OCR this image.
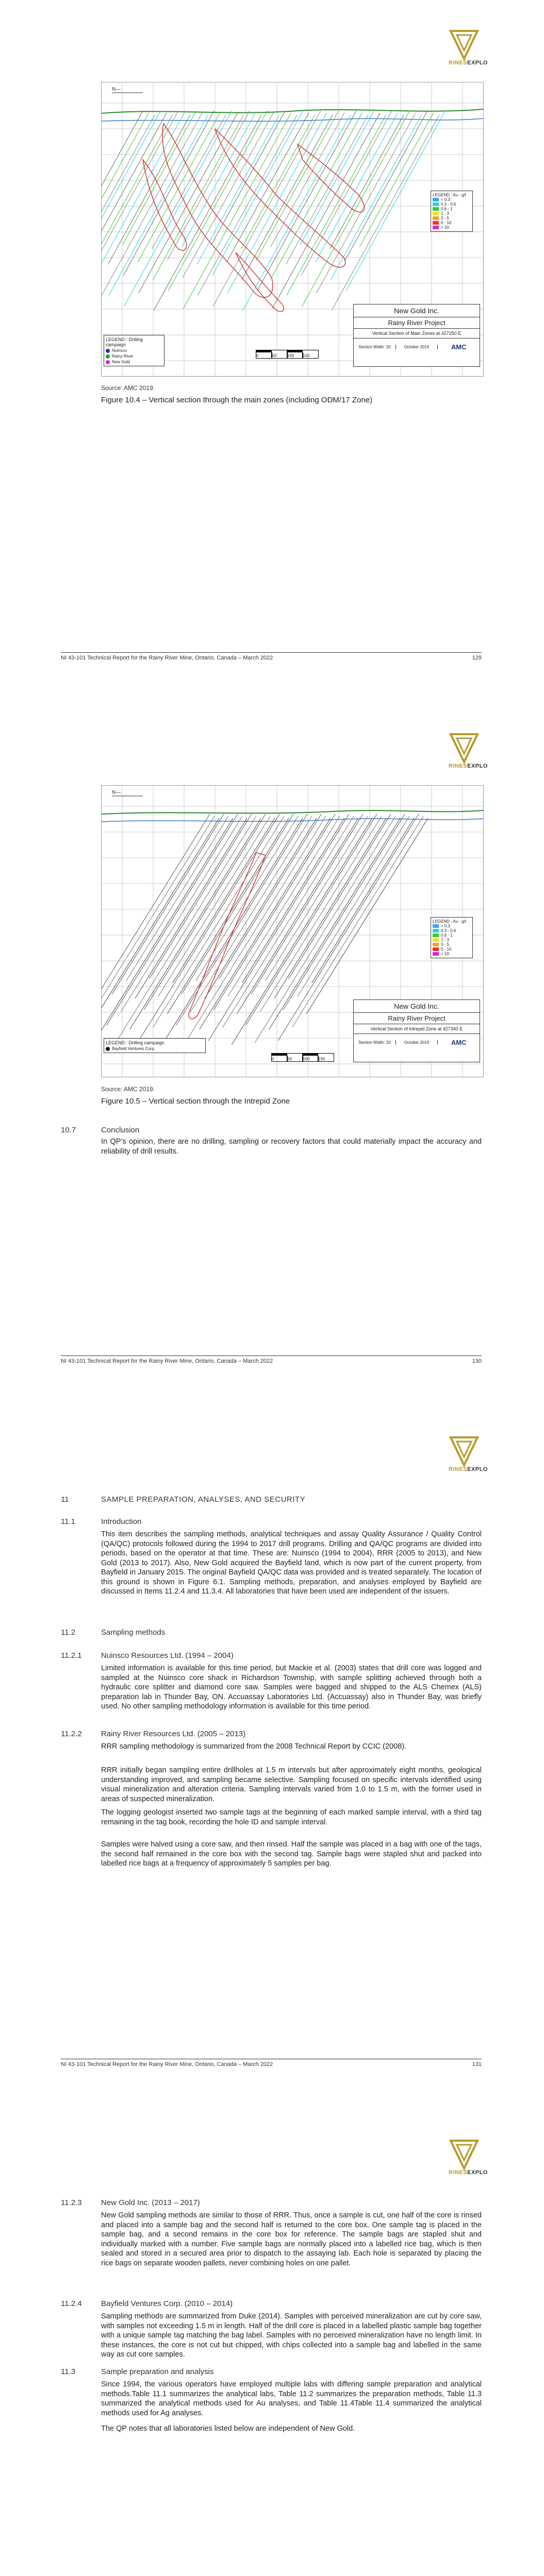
RINESEXPLO
N—
LEGEND : Au - g/t
< 0.3
0.3 - 0.6
0.6 - 1
1 - 3
3 - 5
5 - 10
> 10
New Gold Inc.
Rainy River Project
Vertical Section of Main Zones at 427250 E
Section Width: 20	October 2019	AMC
LEGEND : Drilling campaign
Nuinsco
Rainy River
New Gold
0	50	100	150
Source: AMC 2019.
Figure 10.4 – Vertical section through the main zones (including ODM/17 Zone)
NI 43-101 Technical Report for the Rainy River Mine, Ontario, Canada – March 2022	129
RINESEXPLO
N—
LEGEND : Au - g/t
< 0.3
0.3 - 0.6
0.6 - 1
1 - 3
3 - 5
5 - 10
> 10
New Gold Inc.
Rainy River Project
Vertical Section of Intrepid Zone at 427340 E
Section Width: 20	October 2019	AMC
LEGEND : Drilling campaign
Bayfield Ventures Corp.
0	50	100	150
Source: AMC 2019.
Figure 10.5 – Vertical section through the Intrepid Zone
10.7	Conclusion
In QP’s opinion, there are no drilling, sampling or recovery factors that could materially impact the accuracy and reliability of drill results.
NI 43-101 Technical Report for the Rainy River Mine, Ontario, Canada – March 2022	130
RINESEXPLO
11	SAMPLE PREPARATION, ANALYSES, AND SECURITY
11.1	Introduction
This item describes the sampling methods, analytical techniques and assay Quality Assurance / Quality Control (QA/QC) protocols followed during the 1994 to 2017 drill programs. Drilling and QA/QC programs are divided into periods, based on the operator at that time. These are: Nuinsco (1994 to 2004), RRR (2005 to 2013), and New Gold (2013 to 2017). Also, New Gold acquired the Bayfield land, which is now part of the current property, from Bayfield in January 2015. The original Bayfield QA/QC data was provided and is treated separately. The location of this ground is shown in Figure 6.1. Sampling methods, preparation, and analyses employed by Bayfield are discussed in Items 11.2.4 and 11.3.4. All laboratories that have been used are independent of the issuers.
11.2	Sampling methods
11.2.1	Nuinsco Resources Ltd. (1994 – 2004)
Limited information is available for this time period, but Mackie et al. (2003) states that drill core was logged and sampled at the Nuinsco core shack in Richardson Township, with sample splitting achieved through both a hydraulic core splitter and diamond core saw. Samples were bagged and shipped to the ALS Chemex (ALS) preparation lab in Thunder Bay, ON. Accuassay Laboratories Ltd. (Accuassay) also in Thunder Bay, was briefly used. No other sampling methodology information is available for this time period.
11.2.2	Rainy River Resources Ltd. (2005 – 2013)
RRR sampling methodology is summarized from the 2008 Technical Report by CCIC (2008).
RRR initially began sampling entire drillholes at 1.5 m intervals but after approximately eight months, geological understanding improved, and sampling became selective. Sampling focused on specific intervals identified using visual mineralization and alteration criteria. Sampling intervals varied from 1.0 to 1.5 m, with the former used in areas of suspected mineralization.
The logging geologist inserted two sample tags at the beginning of each marked sample interval, with a third tag remaining in the tag book, recording the hole ID and sample interval.
Samples were halved using a core saw, and then rinsed. Half the sample was placed in a bag with one of the tags, the second half remained in the core box with the second tag. Sample bags were stapled shut and packed into labelled rice bags at a frequency of approximately 5 samples per bag.
NI 43-101 Technical Report for the Rainy River Mine, Ontario, Canada – March 2022	131
RINESEXPLO
11.2.3	New Gold Inc. (2013 – 2017)
New Gold sampling methods are similar to those of RRR. Thus, once a sample is cut, one half of the core is rinsed and placed into a sample bag and the second half is returned to the core box. One sample tag is placed in the sample bag, and a second remains in the core box for reference. The sample bags are stapled shut and individually marked with a number. Five sample bags are normally placed into a labelled rice bag, which is then sealed and stored in a secured area prior to dispatch to the assaying lab. Each hole is separated by placing the rice bags on separate wooden pallets, never combining holes on one pallet.
11.2.4	Bayfield Ventures Corp. (2010 – 2014)
Sampling methods are summarized from Duke (2014). Samples with perceived mineralization are cut by core saw, with samples not exceeding 1.5 m in length. Half of the drill core is placed in a labelled plastic sample bag together with a unique sample tag matching the bag label. Samples with no perceived mineralization have no length limit. In these instances, the core is not cut but chipped, with chips collected into a sample bag and labelled in the same way as cut core samples.
11.3	Sample preparation and analysis
Since 1994, the various operators have employed multiple labs with differing sample preparation and analytical methods.Table 11.1 summarizes the analytical labs, Table 11.2 summarizes the preparation methods, Table 11.3 summarized the analytical methods used for Au analyses, and Table 11.4Table 11.4 summarized the analytical methods used for Ag analyses.
The QP notes that all laboratories listed below are independent of New Gold.
